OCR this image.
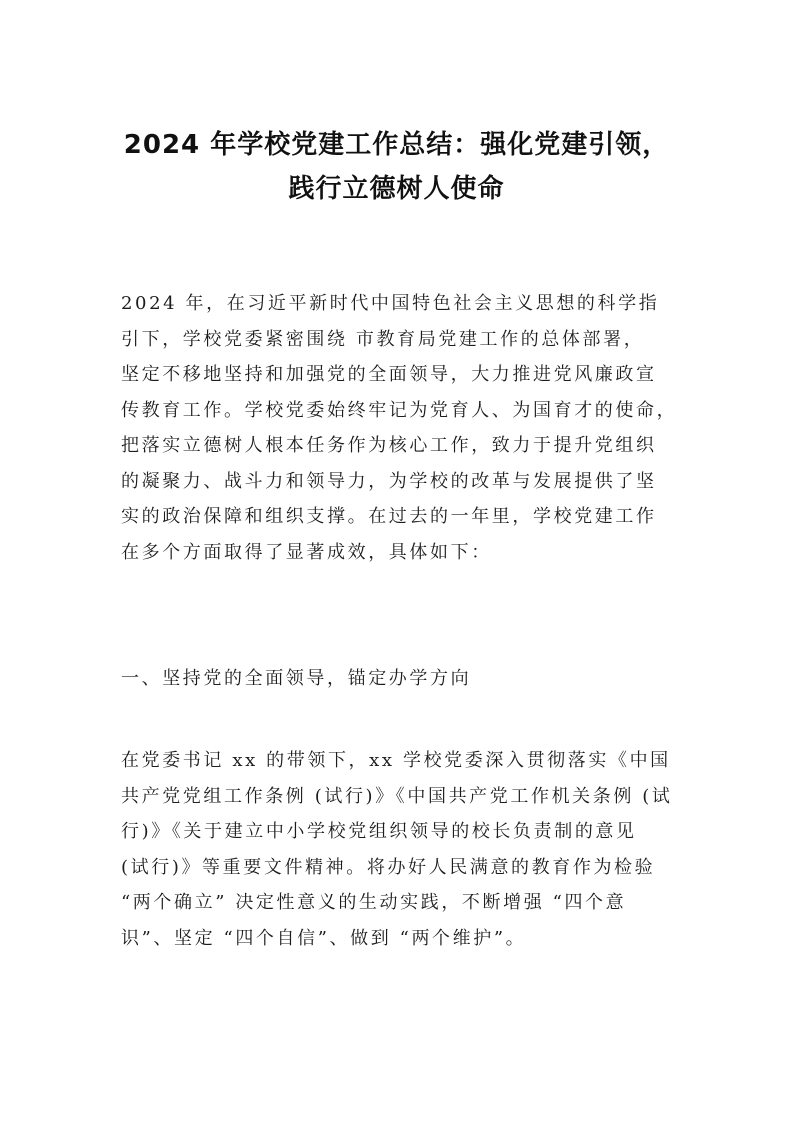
2024 年学校党建工作总结：强化党建引领，
践行立德树人使命
2024 年，在习近平新时代中国特色社会主义思想的科学指
引下，学校党委紧密围绕 市教育局党建工作的总体部署，
坚定不移地坚持和加强党的全面领导，大力推进党风廉政宣
传教育工作。学校党委始终牢记为党育人、为国育才的使命，
把落实立德树人根本任务作为核心工作，致力于提升党组织
的凝聚力、战斗力和领导力，为学校的改革与发展提供了坚
实的政治保障和组织支撑。在过去的一年里，学校党建工作
在多个方面取得了显著成效，具体如下：
一、坚持党的全面领导，锚定办学方向
在党委书记 xx 的带领下，xx 学校党委深入贯彻落实《中国
共产党党组工作条例 (试行)》《中国共产党工作机关条例 (试
行)》《关于建立中小学校党组织领导的校长负责制的意见
(试行)》等重要文件精神。将办好人民满意的教育作为检验
“两个确立” 决定性意义的生动实践，不断增强 “四个意
识”、坚定 “四个自信”、做到 “两个维护”。
